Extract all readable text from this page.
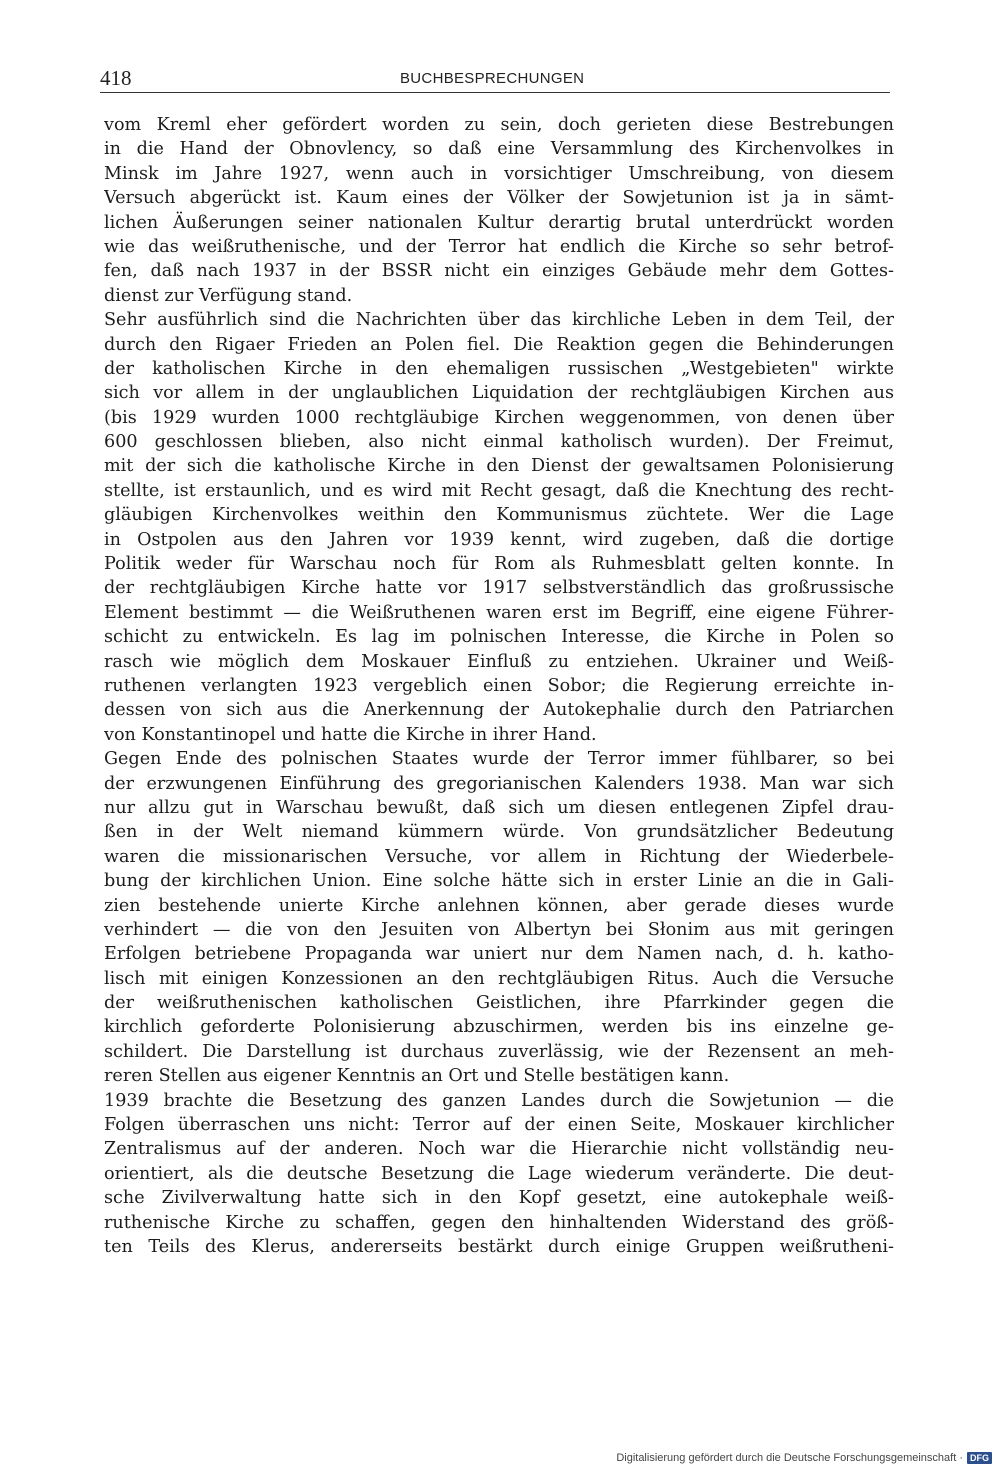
418	BUCHBESPRECHUNGEN
vom Kreml eher gefördert worden zu sein, doch gerieten diese Bestrebungen
in die Hand der Obnovlency, so daß eine Versammlung des Kirchenvolkes in
Minsk im Jahre 1927, wenn auch in vorsichtiger Umschreibung, von diesem
Versuch abgerückt ist. Kaum eines der Völker der Sowjetunion ist ja in sämt-
lichen Äußerungen seiner nationalen Kultur derartig brutal unterdrückt worden
wie das weißruthenische, und der Terror hat endlich die Kirche so sehr betrof-
fen, daß nach 1937 in der BSSR nicht ein einziges Gebäude mehr dem Gottes-
dienst zur Verfügung stand.
Sehr ausführlich sind die Nachrichten über das kirchliche Leben in dem Teil, der
durch den Rigaer Frieden an Polen fiel. Die Reaktion gegen die Behinderungen
der katholischen Kirche in den ehemaligen russischen „Westgebieten" wirkte
sich vor allem in der unglaublichen Liquidation der rechtgläubigen Kirchen aus
(bis 1929 wurden 1000 rechtgläubige Kirchen weggenommen, von denen über
600 geschlossen blieben, also nicht einmal katholisch wurden). Der Freimut,
mit der sich die katholische Kirche in den Dienst der gewaltsamen Polonisierung
stellte, ist erstaunlich, und es wird mit Recht gesagt, daß die Knechtung des recht-
gläubigen Kirchenvolkes weithin den Kommunismus züchtete. Wer die Lage
in Ostpolen aus den Jahren vor 1939 kennt, wird zugeben, daß die dortige
Politik weder für Warschau noch für Rom als Ruhmesblatt gelten konnte. In
der rechtgläubigen Kirche hatte vor 1917 selbstverständlich das großrussische
Element bestimmt — die Weißruthenen waren erst im Begriff, eine eigene Führer-
schicht zu entwickeln. Es lag im polnischen Interesse, die Kirche in Polen so
rasch wie möglich dem Moskauer Einfluß zu entziehen. Ukrainer und Weiß-
ruthenen verlangten 1923 vergeblich einen Sobor; die Regierung erreichte in-
dessen von sich aus die Anerkennung der Autokephalie durch den Patriarchen
von Konstantinopel und hatte die Kirche in ihrer Hand.
Gegen Ende des polnischen Staates wurde der Terror immer fühlbarer, so bei
der erzwungenen Einführung des gregorianischen Kalenders 1938. Man war sich
nur allzu gut in Warschau bewußt, daß sich um diesen entlegenen Zipfel drau-
ßen in der Welt niemand kümmern würde. Von grundsätzlicher Bedeutung
waren die missionarischen Versuche, vor allem in Richtung der Wiederbele-
bung der kirchlichen Union. Eine solche hätte sich in erster Linie an die in Gali-
zien bestehende unierte Kirche anlehnen können, aber gerade dieses wurde
verhindert — die von den Jesuiten von Albertyn bei Słonim aus mit geringen
Erfolgen betriebene Propaganda war uniert nur dem Namen nach, d. h. katho-
lisch mit einigen Konzessionen an den rechtgläubigen Ritus. Auch die Versuche
der weißruthenischen katholischen Geistlichen, ihre Pfarrkinder gegen die
kirchlich geforderte Polonisierung abzuschirmen, werden bis ins einzelne ge-
schildert. Die Darstellung ist durchaus zuverlässig, wie der Rezensent an meh-
reren Stellen aus eigener Kenntnis an Ort und Stelle bestätigen kann.
1939 brachte die Besetzung des ganzen Landes durch die Sowjetunion — die
Folgen überraschen uns nicht: Terror auf der einen Seite, Moskauer kirchlicher
Zentralismus auf der anderen. Noch war die Hierarchie nicht vollständig neu-
orientiert, als die deutsche Besetzung die Lage wiederum veränderte. Die deut-
sche Zivilverwaltung hatte sich in den Kopf gesetzt, eine autokephale weiß-
ruthenische Kirche zu schaffen, gegen den hinhaltenden Widerstand des größ-
ten Teils des Klerus, andererseits bestärkt durch einige Gruppen weißrutheni-
Digitalisierung gefördert durch die Deutsche Forschungsgemeinschaft · DFG
